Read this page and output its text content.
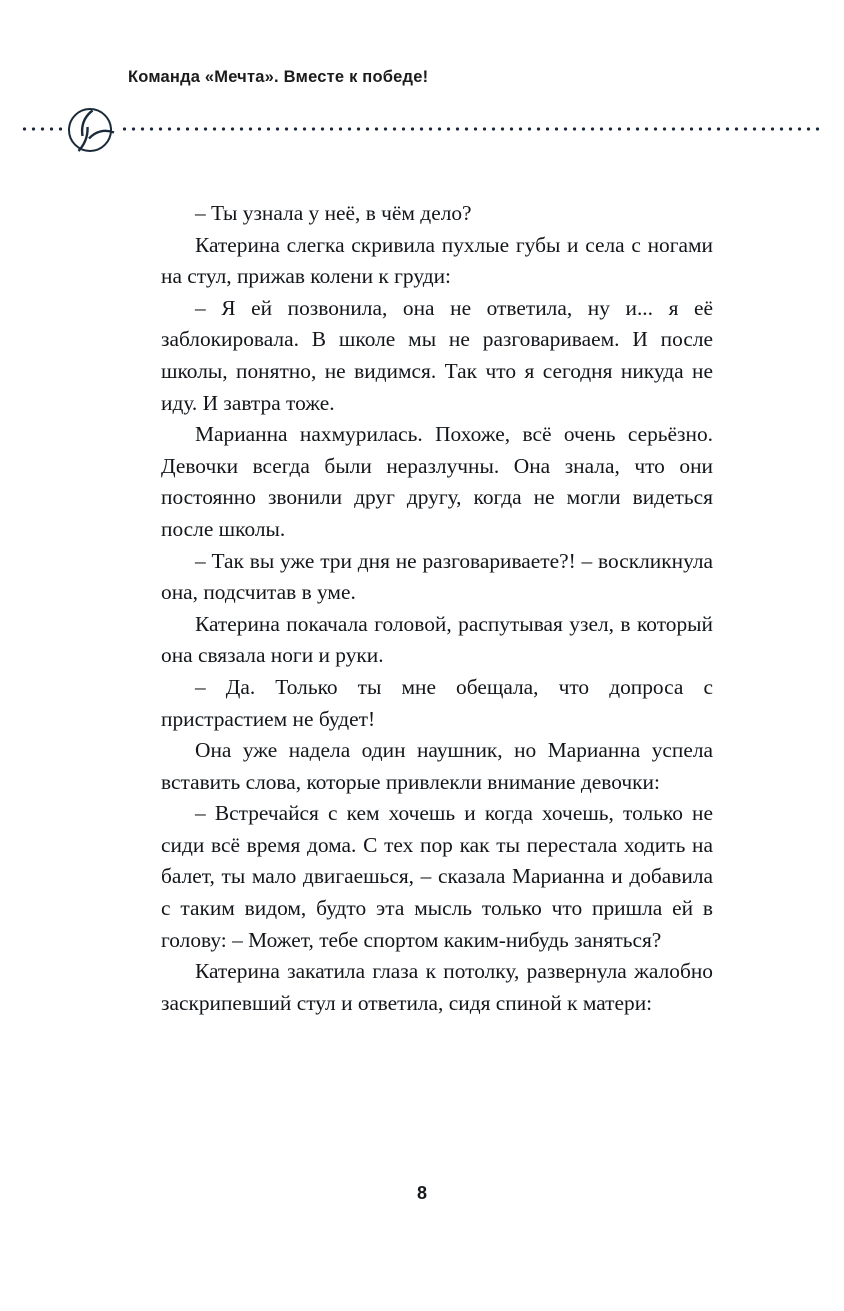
Команда «Мечта». Вместе к победе!

– Ты узнала у неё, в чём дело?

Катерина слегка скривила пухлые губы и села с ногами на стул, прижав колени к груди:

– Я ей позвонила, она не ответила, ну и... я её заблокировала. В школе мы не разговариваем. И после школы, понятно, не видимся. Так что я сегодня никуда не иду. И завтра тоже.

Марианна нахмурилась. Похоже, всё очень серьёзно. Девочки всегда были неразлучны. Она знала, что они постоянно звонили друг другу, когда не могли видеться после школы.

– Так вы уже три дня не разговариваете?! – воскликнула она, подсчитав в уме.

Катерина покачала головой, распутывая узел, в который она связала ноги и руки.

– Да. Только ты мне обещала, что допроса с пристрастием не будет!

Она уже надела один наушник, но Марианна успела вставить слова, которые привлекли внимание девочки:

– Встречайся с кем хочешь и когда хочешь, только не сиди всё время дома. С тех пор как ты перестала ходить на балет, ты мало двигаешься, – сказала Марианна и добавила с таким видом, будто эта мысль только что пришла ей в голову: – Может, тебе спортом каким-нибудь заняться?

Катерина закатила глаза к потолку, развернула жалобно заскрипевший стул и ответила, сидя спиной к матери:

8
